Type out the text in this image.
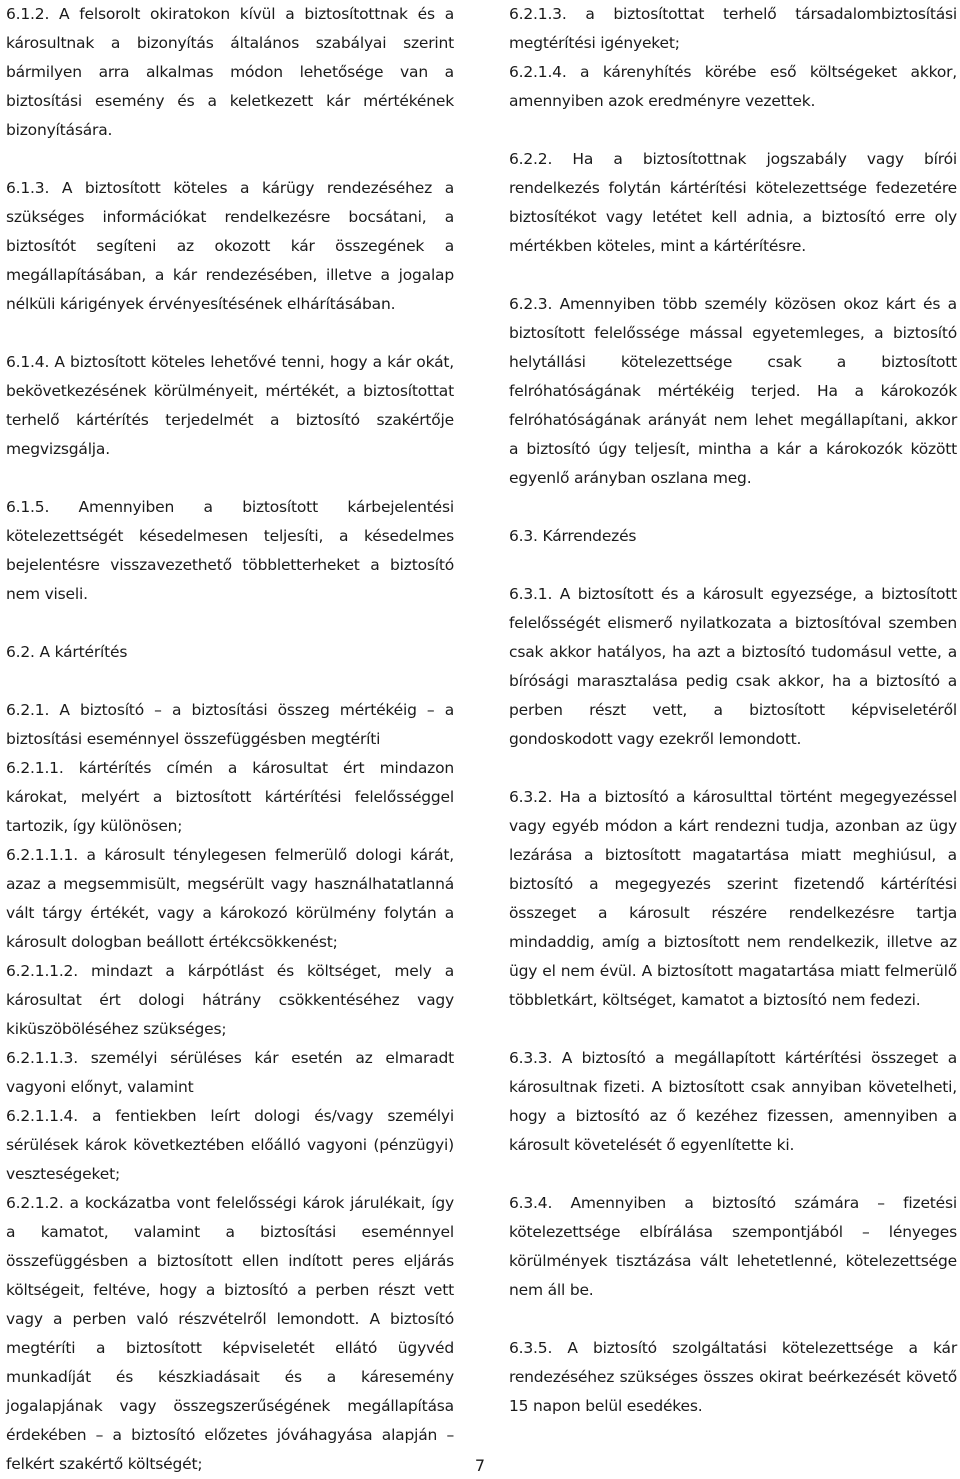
6.1.2. A felsorolt okiratokon kívül a biztosítottnak és a károsultnak a bizonyítás általános szabályai szerint bármilyen arra alkalmas módon lehetősége van a biztosítási esemény és a keletkezett kár mértékének bizonyítására.

6.1.3. A biztosított köteles a kárügy rendezéséhez a szükséges információkat rendelkezésre bocsátani, a biztosítót segíteni az okozott kár összegének a megállapításában, a kár rendezésében, illetve a jogalap nélküli kárigények érvényesítésének elhárításában.

6.1.4. A biztosított köteles lehetővé tenni, hogy a kár okát, bekövetkezésének körülményeit, mértékét, a biztosítottat terhelő kártérítés terjedelmét a biztosító szakértője megvizsgálja.

6.1.5. Amennyiben a biztosított kárbejelentési kötelezettségét késedelmesen teljesíti, a késedelmes bejelentésre visszavezethető többletterheket a biztosító nem viseli.

6.2. A kártérítés

6.2.1. A biztosító – a biztosítási összeg mértékéig – a biztosítási eseménnyel összefüggésben megtéríti

6.2.1.1. kártérítés címén a károsultat ért mindazon károkat, melyért a biztosított kártérítési felelősséggel tartozik, így különösen;

6.2.1.1.1. a károsult ténylegesen felmerülő dologi kárát, azaz a megsemmisült, megsérült vagy használhatatlanná vált tárgy értékét, vagy a károkozó körülmény folytán a károsult dologban beállott értékcsökkenést;

6.2.1.1.2. mindazt a kárpótlást és költséget, mely a károsultat ért dologi hátrány csökkentéséhez vagy kiküszöböléséhez szükséges;

6.2.1.1.3. személyi sérüléses kár esetén az elmaradt vagyoni előnyt, valamint

6.2.1.1.4. a fentiekben leírt dologi és/vagy személyi sérülések károk következtében előálló vagyoni (pénzügyi) veszteségeket;

6.2.1.2. a kockázatba vont felelősségi károk járulékait, így a kamatot, valamint a biztosítási eseménnyel összefüggésben a biztosított ellen indított peres eljárás költségeit, feltéve, hogy a biztosító a perben részt vett vagy a perben való részvételről lemondott. A biztosító megtéríti a biztosított képviseletét ellátó ügyvéd munkadíját és készkiadásait és a káresemény jogalapjának vagy összegszerűségének megállapítása érdekében – a biztosító előzetes jóváhagyása alapján – felkért szakértő költségét;

6.2.1.3. a biztosítottat terhelő társadalombiztosítási megtérítési igényeket;

6.2.1.4. a kárenyhítés körébe eső költségeket akkor, amennyiben azok eredményre vezettek.

6.2.2. Ha a biztosítottnak jogszabály vagy bírói rendelkezés folytán kártérítési kötelezettsége fedezetére biztosítékot vagy letétet kell adnia, a biztosító erre oly mértékben köteles, mint a kártérítésre.

6.2.3. Amennyiben több személy közösen okoz kárt és a biztosított felelőssége mással egyetemleges, a biztosító helytállási kötelezettsége csak a biztosított felróhatóságának mértékéig terjed. Ha a károkozók felróhatóságának arányát nem lehet megállapítani, akkor a biztosító úgy teljesít, mintha a kár a károkozók között egyenlő arányban oszlana meg.

6.3. Kárrendezés

6.3.1. A biztosított és a károsult egyezsége, a biztosított felelősségét elismerő nyilatkozata a biztosítóval szemben csak akkor hatályos, ha azt a biztosító tudomásul vette, a bírósági marasztalása pedig csak akkor, ha a biztosító a perben részt vett, a biztosított képviseletéről gondoskodott vagy ezekről lemondott.

6.3.2. Ha a biztosító a károsulttal történt megegyezéssel vagy egyéb módon a kárt rendezni tudja, azonban az ügy lezárása a biztosított magatartása miatt meghiúsul, a biztosító a megegyezés szerint fizetendő kártérítési összeget a károsult részére rendelkezésre tartja mindaddig, amíg a biztosított nem rendelkezik, illetve az ügy el nem évül. A biztosított magatartása miatt felmerülő többletkárt, költséget, kamatot a biztosító nem fedezi.

6.3.3. A biztosító a megállapított kártérítési összeget a károsultnak fizeti. A biztosított csak annyiban követelheti, hogy a biztosító az ő kezéhez fizessen, amennyiben a károsult követelését ő egyenlítette ki.

6.3.4. Amennyiben a biztosító számára – fizetési kötelezettsége elbírálása szempontjából – lényeges körülmények tisztázása vált lehetetlenné, kötelezettsége nem áll be.

6.3.5. A biztosító szolgáltatási kötelezettsége a kár rendezéséhez szükséges összes okirat beérkezését követő 15 napon belül esedékes.

7
